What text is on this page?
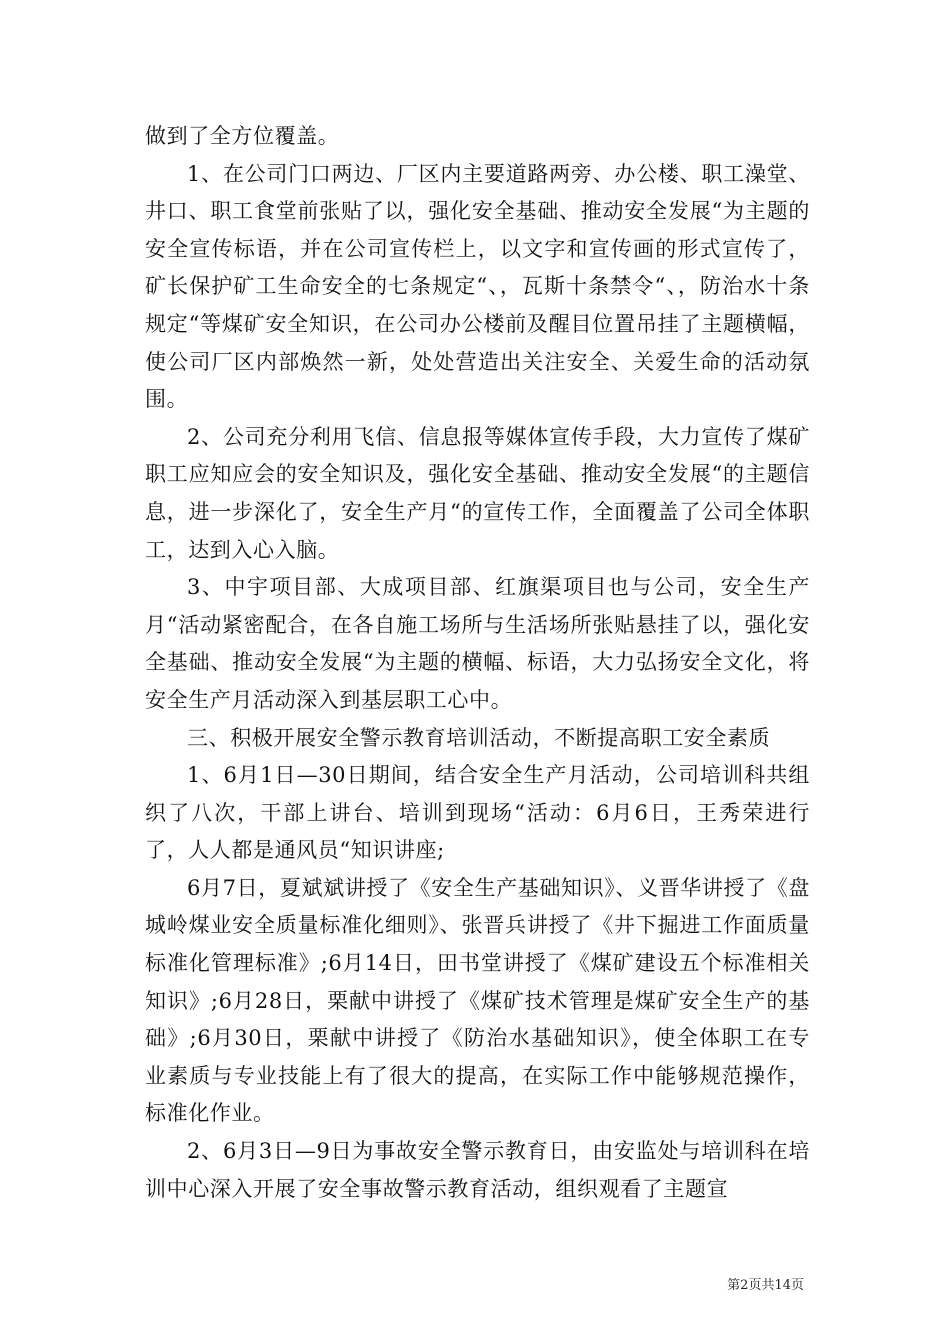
做到了全方位覆盖。

1、在公司门口两边、厂区内主要道路两旁、办公楼、职工澡堂、井口、职工食堂前张贴了以，强化安全基础、推动安全发展“为主题的安全宣传标语，并在公司宣传栏上，以文字和宣传画的形式宣传了，矿长保护矿工生命安全的七条规定“、，瓦斯十条禁令“、，防治水十条规定“等煤矿安全知识，在公司办公楼前及醒目位置吊挂了主题横幅，使公司厂区内部焕然一新，处处营造出关注安全、关爱生命的活动氛围。

2、公司充分利用飞信、信息报等媒体宣传手段，大力宣传了煤矿职工应知应会的安全知识及，强化安全基础、推动安全发展“的主题信息，进一步深化了，安全生产月“的宣传工作，全面覆盖了公司全体职工，达到入心入脑。

3、中宇项目部、大成项目部、红旗渠项目也与公司，安全生产月“活动紧密配合，在各自施工场所与生活场所张贴悬挂了以，强化安全基础、推动安全发展“为主题的横幅、标语，大力弘扬安全文化，将安全生产月活动深入到基层职工心中。

三、积极开展安全警示教育培训活动，不断提高职工安全素质

1、6月1日—30日期间，结合安全生产月活动，公司培训科共组织了八次，干部上讲台、培训到现场“活动：6月6日，王秀荣进行了，人人都是通风员“知识讲座;

6月7日，夏斌斌讲授了《安全生产基础知识》、义晋华讲授了《盘城岭煤业安全质量标准化细则》、张晋兵讲授了《井下掘进工作面质量标准化管理标准》;6月14日，田书堂讲授了《煤矿建设五个标准相关知识》;6月28日，栗献中讲授了《煤矿技术管理是煤矿安全生产的基础》;6月30日，栗献中讲授了《防治水基础知识》，使全体职工在专业素质与专业技能上有了很大的提高，在实际工作中能够规范操作，标准化作业。

2、6月3日—9日为事故安全警示教育日，由安监处与培训科在培训中心深入开展了安全事故警示教育活动，组织观看了主题宣

第2页共14页
